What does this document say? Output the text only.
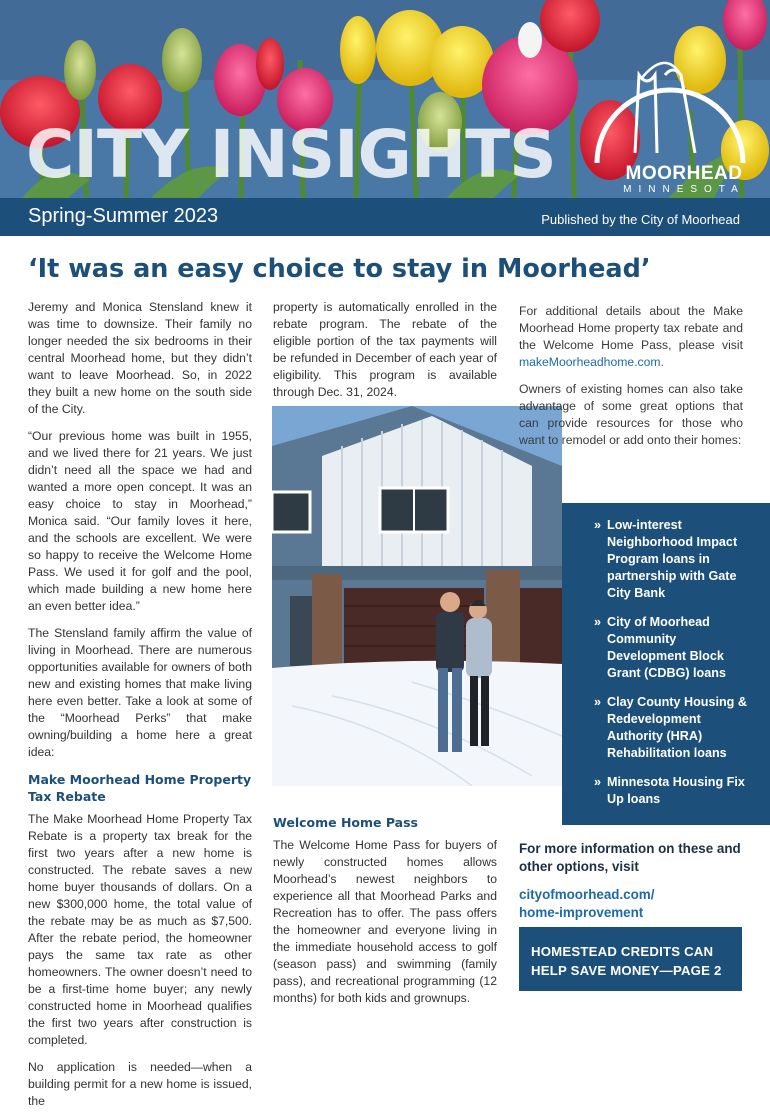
MOORHEAD
MINNESOTA
CITY INSIGHTS
Spring-Summer 2023	Published by the City of Moorhead
‘It was an easy choice to stay in Moorhead’

Jeremy and Monica Stensland knew it was time to downsize. Their family no longer needed the six bedrooms in their central Moorhead home, but they didn’t want to leave Moorhead. So, in 2022 they built a new home on the south side of the City.

“Our previous home was built in 1955, and we lived there for 21 years. We just didn’t need all the space we had and wanted a more open concept. It was an easy choice to stay in Moorhead,” Monica said. “Our family loves it here, and the schools are excellent. We were so happy to receive the Welcome Home Pass. We used it for golf and the pool, which made building a new home here an even better idea.”

The Stensland family affirm the value of living in Moorhead. There are numerous opportunities available for owners of both new and existing homes that make living here even better. Take a look at some of the “Moorhead Perks” that make owning/building a home here a great idea:

Make Moorhead Home Property Tax Rebate

The Make Moorhead Home Property Tax Rebate is a property tax break for the first two years after a new home is constructed. The rebate saves a new home buyer thousands of dollars. On a new $300,000 home, the total value of the rebate may be as much as $7,500. After the rebate period, the homeowner pays the same tax rate as other homeowners. The owner doesn’t need to be a first-time home buyer; any newly constructed home in Moorhead qualifies the first two years after construction is completed.

No application is needed—when a building permit for a new home is issued, the

property is automatically enrolled in the rebate program. The rebate of the eligible portion of the tax payments will be refunded in December of each year of eligibility. This program is available through Dec. 31, 2024.

Welcome Home Pass

The Welcome Home Pass for buyers of newly constructed homes allows Moorhead’s newest neighbors to experience all that Moorhead Parks and Recreation has to offer. The pass offers the homeowner and everyone living in the immediate household access to golf (season pass) and swimming (family pass), and recreational programming (12 months) for both kids and grownups.

For additional details about the Make Moorhead Home property tax rebate and the Welcome Home Pass, please visit makeMoorheadhome.com.

Owners of existing homes can also take advantage of some great options that can provide resources for those who want to remodel or add onto their homes:

» Low-interest Neighborhood Impact Program loans in partnership with Gate City Bank
» City of Moorhead Community Development Block Grant (CDBG) loans
» Clay County Housing & Redevelopment Authority (HRA) Rehabilitation loans
» Minnesota Housing Fix Up loans
For more information on these and other options, visit
cityofmoorhead.com/
home-improvement
HOMESTEAD CREDITS CAN
HELP SAVE MONEY—PAGE 2
